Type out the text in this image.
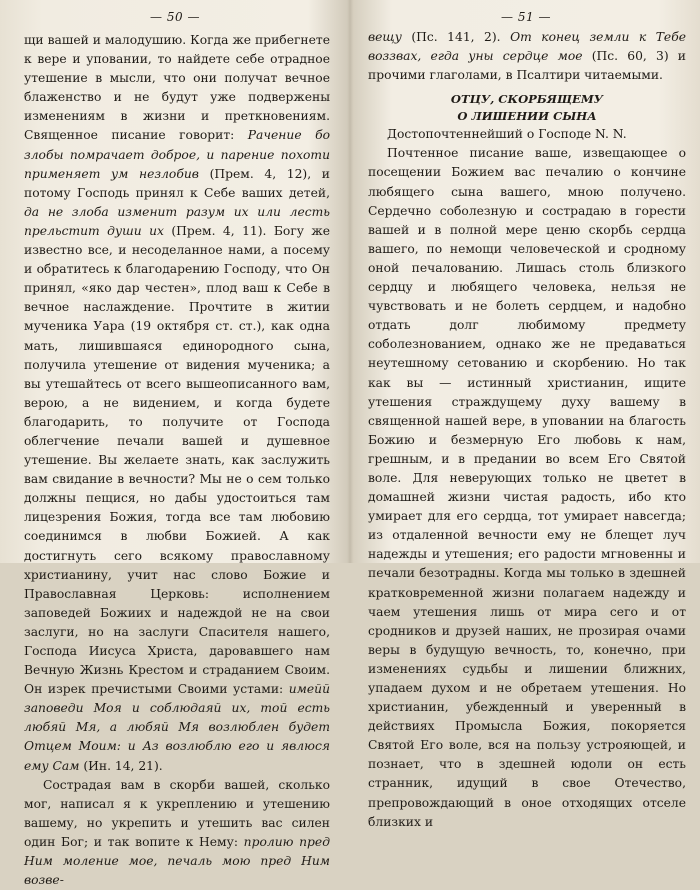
— 50 —

щи вашей и малодушию. Когда же прибегнете к вере и уповании, то найдете себе отрадное утешение в мысли, что они получат вечное блаженство и не будут уже подвержены изменениям в жизни и преткновениям. Священное писание говорит: Рачение бо злобы помрачает доброе, и парение похоти применяет ум незлобив (Прем. 4, 12), и потому Господь принял к Себе ваших детей, да не злоба изменит разум их или лесть прельстит души их (Прем. 4, 11). Богу же известно все, и несоделанное нами, а посему и обратитесь к благодарению Господу, что Он принял, «яко дар честен», плод ваш к Себе в вечное наслаждение. Прочтите в житии мученика Уара (19 октября ст. ст.), как одна мать, лишившаяся единородного сына, получила утешение от видения мученика; а вы утешайтесь от всего вышеописанного вам, верою, а не видением, и когда будете благодарить, то получите от Господа облегчение печали вашей и душевное утешение. Вы желаете знать, как заслужить вам свидание в вечности? Мы не о сем только должны пещися, но дабы удостоиться там лицезрения Божия, тогда все там любовию соединимся в любви Божией. А как достигнуть сего всякому православному христианину, учит нас слово Божие и Православная Церковь: исполнением заповедей Божиих и надеждой не на свои заслуги, но на заслуги Спасителя нашего, Господа Иисуса Христа, даровавшего нам Вечную Жизнь Крестом и страданием Своим. Он изрек пречистыми Своими устами: имейй заповеди Моя и соблюдаяй их, той есть любяй Мя, а любяй Мя возлюблен будет Отцем Моим: и Аз возлюблю его и явлюся ему Сам (Ин. 14, 21).

Сострадая вам в скорби вашей, сколько мог, написал я к укреплению и утешению вашему, но укрепить и утешить вас силен один Бог; и так вопите к Нему: пролию пред Ним моление мое, печаль мою пред Ним возве-

— 51 —

вещу (Пс. 141, 2). От конец земли к Тебе воззвах, егда уны сердце мое (Пс. 60, 3) и прочими глаголами, в Псалтири читаемыми.

ОТЦУ, СКОРБЯЩЕМУ
О ЛИШЕНИИ СЫНА

Достопочтеннейший о Господе N. N.

Почтенное писание ваше, извещающее о посещении Божием вас печалию о кончине любящего сына вашего, мною получено. Сердечно соболезную и сострадаю в горести вашей и в полной мере ценю скорбь сердца вашего, по немощи человеческой и сродному оной печалованию. Лишась столь близкого сердцу и любящего человека, нельзя не чувствовать и не болеть сердцем, и надобно отдать долг любимому предмету соболезнованием, однако же не предаваться неутешному сетованию и скорбению. Но так как вы — истинный христианин, ищите утешения страждущему духу вашему в священной нашей вере, в уповании на благость Божию и безмерную Его любовь к нам, грешным, и в предании во всем Его Святой воле. Для неверующих только не цветет в домашней жизни чистая радость, ибо кто умирает для его сердца, тот умирает навсегда; из отдаленной вечности ему не блещет луч надежды и утешения; его радости мгновенны и печали безотрадны. Когда мы только в здешней кратковременной жизни полагаем надежду и чаем утешения лишь от мира сего и от сродников и друзей наших, не прозирая очами веры в будущую вечность, то, конечно, при изменениях судьбы и лишении ближних, упадаем духом и не обретаем утешения. Но христианин, убежденный и уверенный в действиях Промысла Божия, покоряется Святой Его воле, вся на пользу устрояющей, и познает, что в здешней юдоли он есть странник, идущий в свое Отечество, препровождающий в оное отходящих отселе близких и
